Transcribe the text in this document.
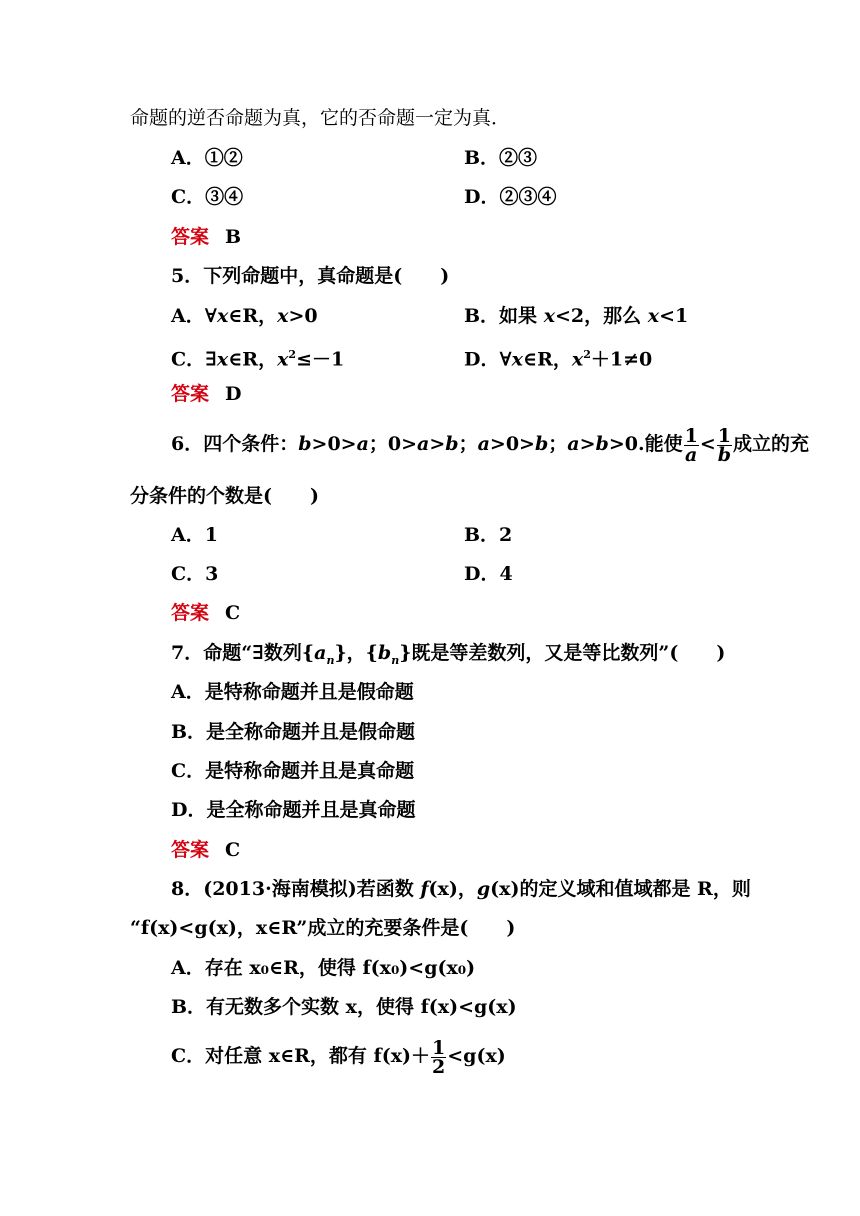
命题的逆否命题为真，它的否命题一定为真．
A．①②	B．②③
C．③④	D．②③④
答案 B
5．下列命题中，真命题是(　　)
A．∀x∈R，x>0	B．如果 x<2，那么 x<1
C．∃x∈R，$x^2\le-1$	D．∀x∈R，$x^2+1\ne 0$
答案 D
6．四个条件：b>0>a；0>a>b；a>0>b；a>b>0.能使 $\frac{1}{a}< \frac{1}{b}$成立的充
分条件的个数是(　　)
A．1	B．2
C．3	D．4
答案 C
7．命题“∃数列$\{a_n\}$，$\{b_n\}$既是等差数列，又是等比数列”(　　)
A．是特称命题并且是假命题
B．是全称命题并且是假命题
C．是特称命题并且是真命题
D．是全称命题并且是真命题
答案 C
8．(2013·海南模拟)若函数 f(x)，g(x)的定义域和值域都是 R，则
“f(x)<g(x)，x∈R”成立的充要条件是(　　)
A．存在 x₀∈R，使得 f(x₀)<g(x₀)
B．有无数多个实数 x，使得 f(x)<g(x)
C．对任意 x∈R，都有 $f(x)+ \frac{1}{2} <g(x)$
